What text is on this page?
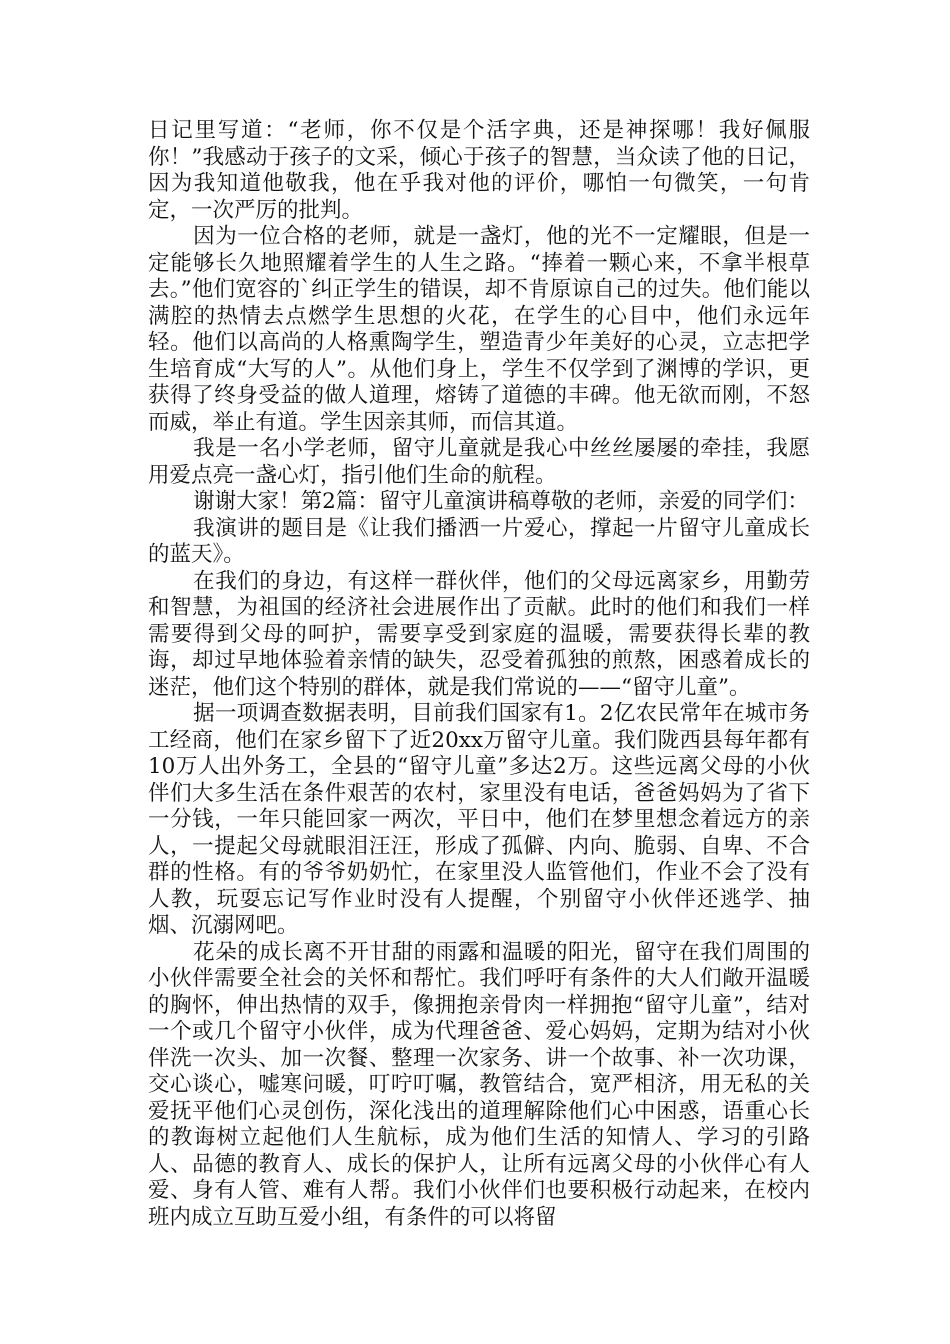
日记里写道：“老师，你不仅是个活字典，还是神探哪！我好佩服你！”我感动于孩子的文采，倾心于孩子的智慧，当众读了他的日记，因为我知道他敬我，他在乎我对他的评价，哪怕一句微笑，一句肯定，一次严厉的批判。

因为一位合格的老师，就是一盏灯，他的光不一定耀眼，但是一定能够长久地照耀着学生的人生之路。“捧着一颗心来，不拿半根草去。”他们宽容的`纠正学生的错误，却不肯原谅自己的过失。他们能以满腔的热情去点燃学生思想的火花，在学生的心目中，他们永远年轻。他们以高尚的人格熏陶学生，塑造青少年美好的心灵，立志把学生培育成“大写的人”。从他们身上，学生不仅学到了渊博的学识，更获得了终身受益的做人道理，熔铸了道德的丰碑。他无欲而刚，不怒而威，举止有道。学生因亲其师，而信其道。

我是一名小学老师，留守儿童就是我心中丝丝屡屡的牵挂，我愿用爱点亮一盏心灯，指引他们生命的航程。

谢谢大家！第2篇：留守儿童演讲稿尊敬的老师，亲爱的同学们：

我演讲的题目是《让我们播洒一片爱心，撑起一片留守儿童成长的蓝天》。

在我们的身边，有这样一群伙伴，他们的父母远离家乡，用勤劳和智慧，为祖国的经济社会进展作出了贡献。此时的他们和我们一样需要得到父母的呵护，需要享受到家庭的温暖，需要获得长辈的教诲，却过早地体验着亲情的缺失，忍受着孤独的煎熬，困惑着成长的迷茫，他们这个特别的群体，就是我们常说的——“留守儿童”。

据一项调查数据表明，目前我们国家有1。2亿农民常年在城市务工经商，他们在家乡留下了近20xx万留守儿童。我们陇西县每年都有10万人出外务工，全县的“留守儿童”多达2万。这些远离父母的小伙伴们大多生活在条件艰苦的农村，家里没有电话，爸爸妈妈为了省下一分钱，一年只能回家一两次，平日中，他们在梦里想念着远方的亲人，一提起父母就眼泪汪汪，形成了孤僻、内向、脆弱、自卑、不合群的性格。有的爷爷奶奶忙，在家里没人监管他们，作业不会了没有人教，玩耍忘记写作业时没有人提醒，个别留守小伙伴还逃学、抽烟、沉溺网吧。

花朵的成长离不开甘甜的雨露和温暖的阳光，留守在我们周围的小伙伴需要全社会的关怀和帮忙。我们呼吁有条件的大人们敞开温暖的胸怀，伸出热情的双手，像拥抱亲骨肉一样拥抱“留守儿童”，结对一个或几个留守小伙伴，成为代理爸爸、爱心妈妈，定期为结对小伙伴洗一次头、加一次餐、整理一次家务、讲一个故事、补一次功课，交心谈心，嘘寒问暖，叮咛叮嘱，教管结合，宽严相济，用无私的关爱抚平他们心灵创伤，深化浅出的道理解除他们心中困惑，语重心长的教诲树立起他们人生航标，成为他们生活的知情人、学习的引路人、品德的教育人、成长的保护人，让所有远离父母的小伙伴心有人爱、身有人管、难有人帮。我们小伙伴们也要积极行动起来，在校内班内成立互助互爱小组，有条件的可以将留
